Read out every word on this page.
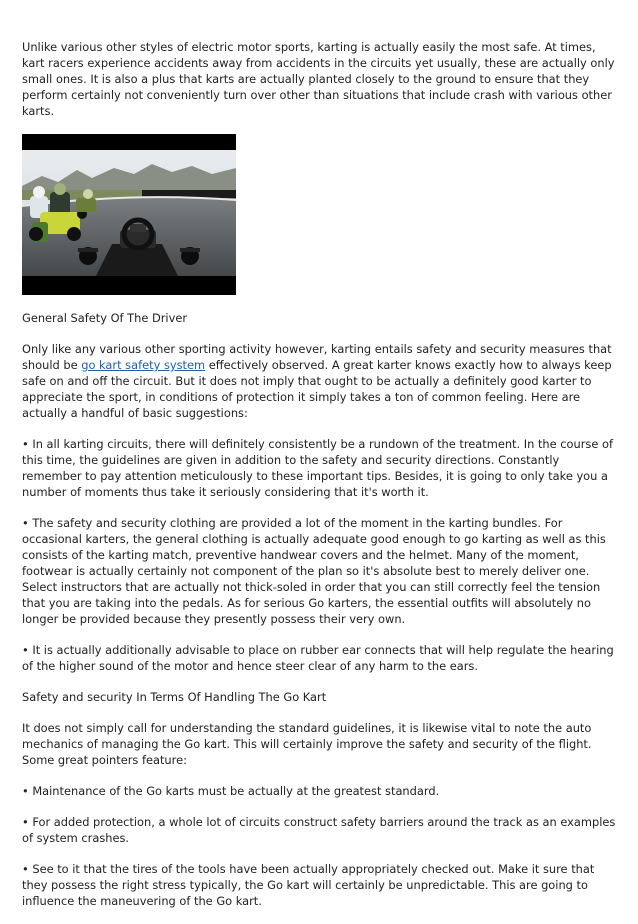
Unlike various other styles of electric motor sports, karting is actually easily the most safe. At times, kart racers experience accidents away from accidents in the circuits yet usually, these are actually only small ones. It is also a plus that karts are actually planted closely to the ground to ensure that they perform certainly not conveniently turn over other than situations that include crash with various other karts.

General Safety Of The Driver

Only like any various other sporting activity however, karting entails safety and security measures that should be go kart safety system effectively observed. A great karter knows exactly how to always keep safe on and off the circuit. But it does not imply that ought to be actually a definitely good karter to appreciate the sport, in conditions of protection it simply takes a ton of common feeling. Here are actually a handful of basic suggestions:

• In all karting circuits, there will definitely consistently be a rundown of the treatment. In the course of this time, the guidelines are given in addition to the safety and security directions. Constantly remember to pay attention meticulously to these important tips. Besides, it is going to only take you a number of moments thus take it seriously considering that it's worth it.

• The safety and security clothing are provided a lot of the moment in the karting bundles. For occasional karters, the general clothing is actually adequate good enough to go karting as well as this consists of the karting match, preventive handwear covers and the helmet. Many of the moment, footwear is actually certainly not component of the plan so it's absolute best to merely deliver one. Select instructors that are actually not thick-soled in order that you can still correctly feel the tension that you are taking into the pedals. As for serious Go karters, the essential outfits will absolutely no longer be provided because they presently possess their very own.

• It is actually additionally advisable to place on rubber ear connects that will help regulate the hearing of the higher sound of the motor and hence steer clear of any harm to the ears.

Safety and security In Terms Of Handling The Go Kart

It does not simply call for understanding the standard guidelines, it is likewise vital to note the auto mechanics of managing the Go kart. This will certainly improve the safety and security of the flight. Some great pointers feature:

• Maintenance of the Go karts must be actually at the greatest standard.

• For added protection, a whole lot of circuits construct safety barriers around the track as an examples of system crashes.

• See to it that the tires of the tools have been actually appropriately checked out. Make it sure that they possess the right stress typically, the Go kart will certainly be unpredictable. This are going to influence the maneuvering of the Go kart.
